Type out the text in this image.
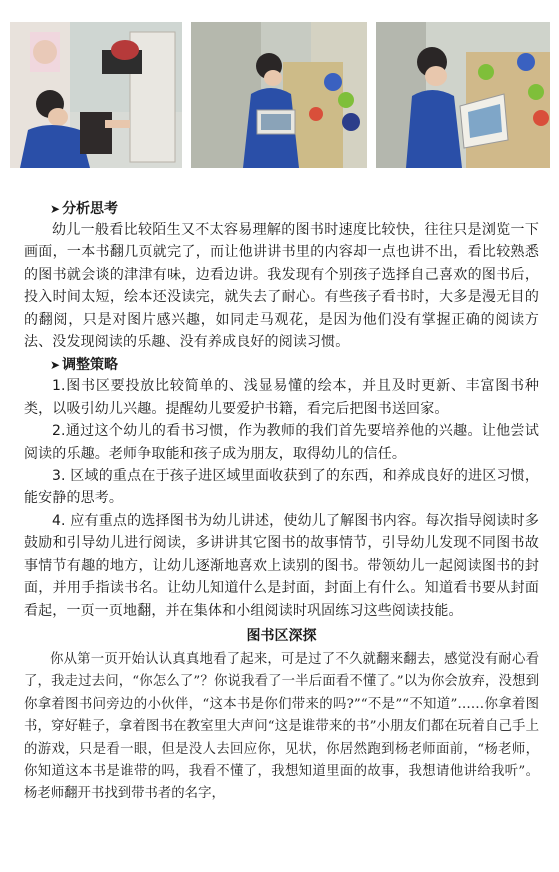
➤ 分析思考

幼儿一般看比较陌生又不太容易理解的图书时速度比较快，往往只是浏览一下画面，一本书翻几页就完了，而让他讲讲书里的内容却一点也讲不出，看比较熟悉的图书就会谈的津津有味，边看边讲。我发现有个别孩子选择自己喜欢的图书后，投入时间太短，绘本还没读完，就失去了耐心。有些孩子看书时，大多是漫无目的的翻阅，只是对图片感兴趣，如同走马观花，是因为他们没有掌握正确的阅读方法、没发现阅读的乐趣、没有养成良好的阅读习惯。

➤ 调整策略

1.图书区要投放比较简单的、浅显易懂的绘本，并且及时更新、丰富图书种类，以吸引幼儿兴趣。提醒幼儿要爱护书籍，看完后把图书送回家。

2.通过这个幼儿的看书习惯，作为教师的我们首先要培养他的兴趣。让他尝试阅读的乐趣。老师争取能和孩子成为朋友，取得幼儿的信任。

3. 区域的重点在于孩子进区域里面收获到了的东西，和养成良好的进区习惯，能安静的思考。

4. 应有重点的选择图书为幼儿讲述，使幼儿了解图书内容。每次指导阅读时多鼓励和引导幼儿进行阅读，多讲讲其它图书的故事情节，引导幼儿发现不同图书故事情节有趣的地方，让幼儿逐渐地喜欢上读别的图书。带领幼儿一起阅读图书的封面，并用手指读书名。让幼儿知道什么是封面，封面上有什么。知道看书要从封面看起，一页一页地翻，并在集体和小组阅读时巩固练习这些阅读技能。

图书区深探

你从第一页开始认认真真地看了起来，可是过了不久就翻来翻去，感觉没有耐心看了，我走过去问，“你怎么了”？你说我看了一半后面看不懂了。”以为你会放弃，没想到你拿着图书问旁边的小伙伴，“这本书是你们带来的吗?”“不是”“不知道”……你拿着图书，穿好鞋子，拿着图书在教室里大声问“这是谁带来的书”小朋友们都在玩着自己手上的游戏，只是看一眼，但是没人去回应你，见状，你居然跑到杨老师面前，“杨老师，你知道这本书是谁带的吗，我看不懂了，我想知道里面的故事，我想请他讲给我听”。杨老师翻开书找到带书者的名字，
